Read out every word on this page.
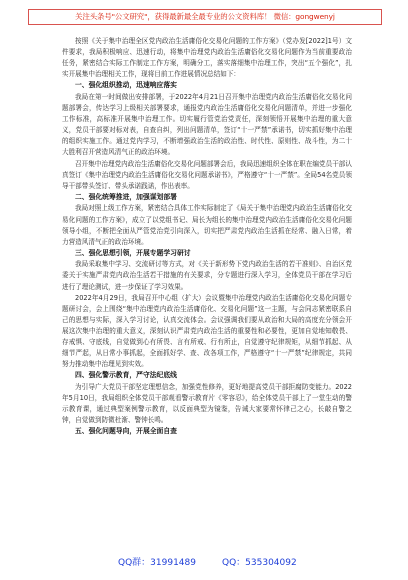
关注头条号"公文研究"，获得最新最全最专业的公文资料库！ 微信：gongwenyj

按照《关于集中治理全区党内政治生活庸俗化交易化问题的工作方案》（党办发[2022]1号）文件要求，我局积极响应、迅速行动，将集中治理党内政治生活庸俗化交易化问题作为当前重要政治任务，紧密结合实际工作制定工作方案，明确分工，落实落细集中治理工作，突出“五个强化”，扎实开展集中治理相关工作，现将目前工作进展情况总结如下：

一、强化组织推动，迅速响应落实

我局在第一时间做出安排部署，于2022年4月21日召开集中治理党内政治生活庸俗化交易化问题部署会，传达学习上级相关部署要求，通报党内政治生活庸俗化交易化问题清单，并进一步强化工作标准，高标准开展集中治理工作。切实履行管党治党责任，深刻领悟开展集中治理的重大意义，党员干部要对标对表，自查自纠，列出问题清单，签订“十一严禁”承诺书，切实抓好集中治理的组织实施工作。通过党内学习，不断增强政治生活的政治性、时代性、原则性、战斗性，为二十大胜利召开营造风清气正的政治环境。

召开集中治理党内政治生活庸俗化交易化问题部署会后，我局迅速组织全体在职在编党员干部认真签订《集中治理党内政治生活庸俗化交易化问题承诺书》，严格遵守“十一严禁”。全局54名党员领导干部带头签订、带头承诺践诺，作出表率。

二、强化统筹推进，加强谋划部署

我局对照上级工作方案，紧密结合具体工作实际制定了《局关于集中治理党内政治生活庸俗化交易化问题的工作方案》，成立了以党组书记、局长为组长的集中治理党内政治生活庸俗化交易化问题领导小组，不断把全面从严管党治党引向深入，切实把严肃党内政治生活抓在经常、融入日常，着力营造风清气正的政治环境。

三、强化思想引领，开展专题学习研讨

我局采取集中学习、交流研讨等方式，对《关于新形势下党内政治生活的若干准则》、自治区党委关于实施严肃党内政治生活若干措施的有关要求，分专题进行深入学习，全体党员干部在学习后进行了理论测试，进一步保证了学习效果。

2022年4月29日，我局召开中心组（扩大）会议暨集中治理党内政治生活庸俗化交易化问题专题研讨会，会上围绕“集中治理党内政治生活庸俗化、交易化问题”这一主题，与会同志紧密联系自己的思想与实际，深入学习讨论，认真交流体会。会议强调我们要从政治和大局的高度充分领会开展这次集中治理的重大意义，深刻认识严肃党内政治生活的重要性和必要性，更加自觉地知敬畏、存戒惧、守底线，自觉做到心有所畏、言有所戒、行有所止，自觉遵守纪律规矩，从细节抓起、从细节严起，从日常小事抓起，全面抓好学、查、改各项工作，严格遵守“十一严禁”纪律规定，共同努力推动集中治理见到实效。

四、强化警示教育，严守法纪底线

为引导广大党员干部坚定理想信念，加强党性修养，更好地提高党员干部拒腐防变能力。2022年5月10日，我局组织全体党员干部观看警示教育片《零容忍》，给全体党员干部上了一堂生动的警示教育课，通过典型案例警示教育，以反面典型为镜鉴，告诫大家要常怀律己之心，长敲自警之钟，自觉做到防微杜渐、警钟长鸣。

五、强化问题导向，开展全面自查
QQ群：31991489	QQ：535304092
